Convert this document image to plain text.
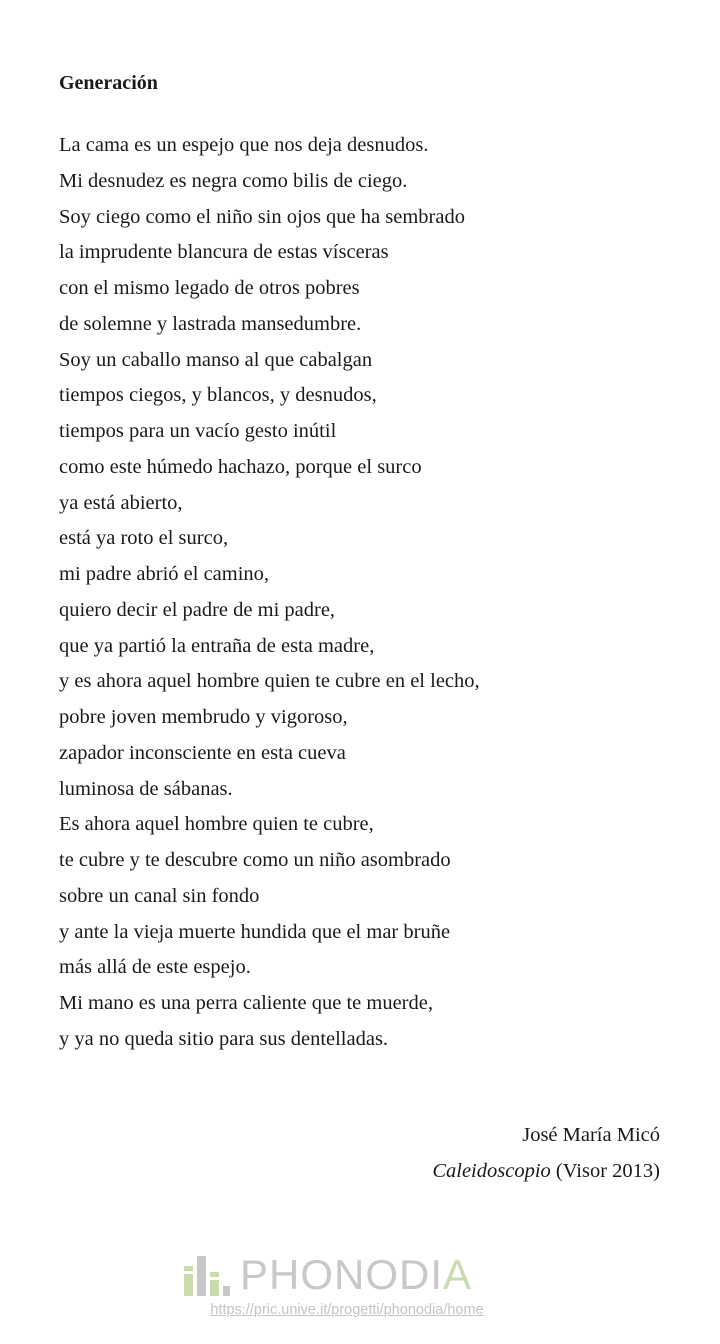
Generación
La cama es un espejo que nos deja desnudos.
Mi desnudez es negra como bilis de ciego.
Soy ciego como el niño sin ojos que ha sembrado
la imprudente blancura de estas vísceras
con el mismo legado de otros pobres
de solemne y lastrada mansedumbre.
Soy un caballo manso al que cabalgan
tiempos ciegos, y blancos, y desnudos,
tiempos para un vacío gesto inútil
como este húmedo hachazo, porque el surco
ya está abierto,
está ya roto el surco,
mi padre abrió el camino,
quiero decir el padre de mi padre,
que ya partió la entraña de esta madre,
y es ahora aquel hombre quien te cubre en el lecho,
pobre joven membrudo y vigoroso,
zapador inconsciente en esta cueva
luminosa de sábanas.
Es ahora aquel hombre quien te cubre,
te cubre y te descubre como un niño asombrado
sobre un canal sin fondo
y ante la vieja muerte hundida que el mar bruñe
más allá de este espejo.
Mi mano es una perra caliente que te muerde,
y ya no queda sitio para sus dentelladas.
José María Micó
Caleidoscopio (Visor 2013)
PHONODIA
https://pric.unive.it/progetti/phonodia/home
